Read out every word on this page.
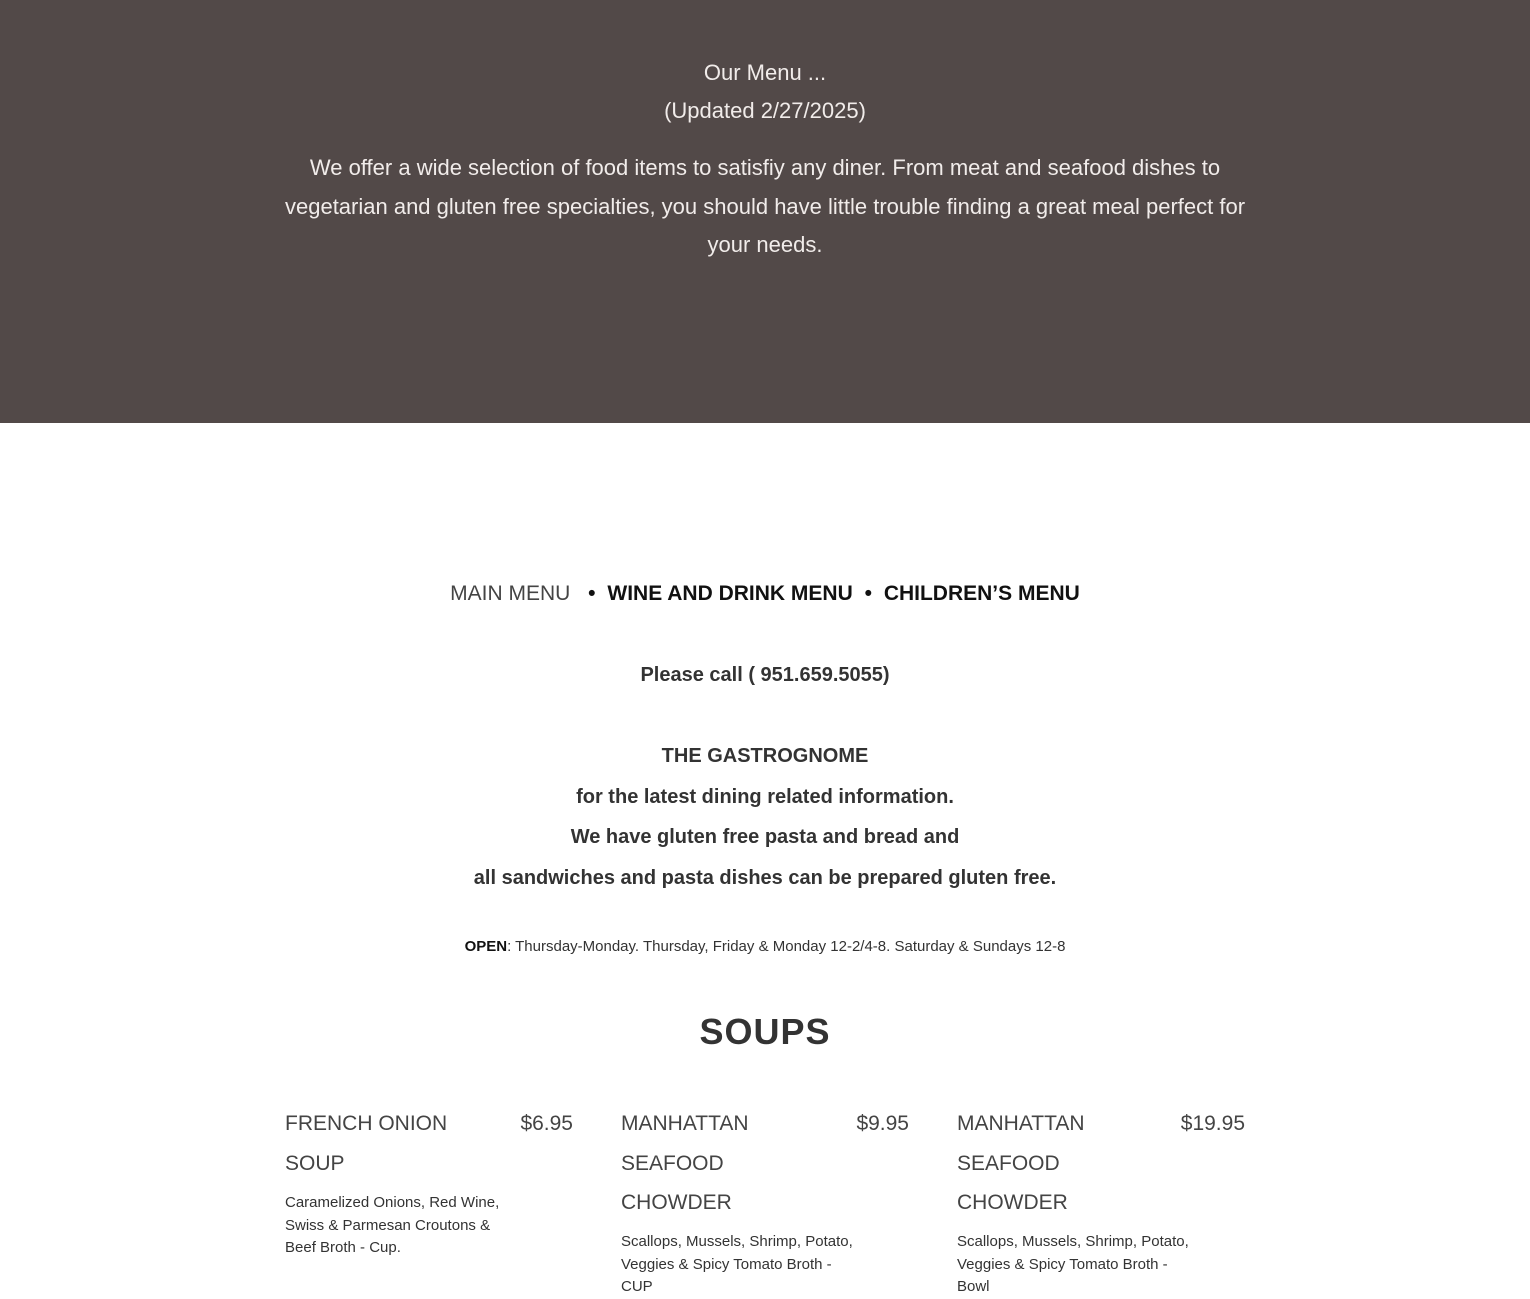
Our Menu ...

(Updated 2/27/2025)

We offer a wide selection of food items to satisfiy any diner. From meat and seafood dishes to vegetarian and gluten free specialties, you should have little trouble finding a great meal perfect for your needs.

MAIN MENU • WINE AND DRINK MENU • CHILDREN’S MENU

Please call ( 951.659.5055)

THE GASTROGNOME

for the latest dining related information.

We have gluten free pasta and bread and

all sandwiches and pasta dishes can be prepared gluten free.

OPEN: Thursday-Monday. Thursday, Friday & Monday 12-2/4-8. Saturday & Sundays 12-8

SOUPS

FRENCH ONION SOUP

$6.95

Caramelized Onions, Red Wine, Swiss & Parmesan Croutons & Beef Broth - Cup.

MANHATTAN SEAFOOD CHOWDER

$9.95

Scallops, Mussels, Shrimp, Potato, Veggies & Spicy Tomato Broth - CUP

MANHATTAN SEAFOOD CHOWDER

$19.95

Scallops, Mussels, Shrimp, Potato, Veggies & Spicy Tomato Broth - Bowl
